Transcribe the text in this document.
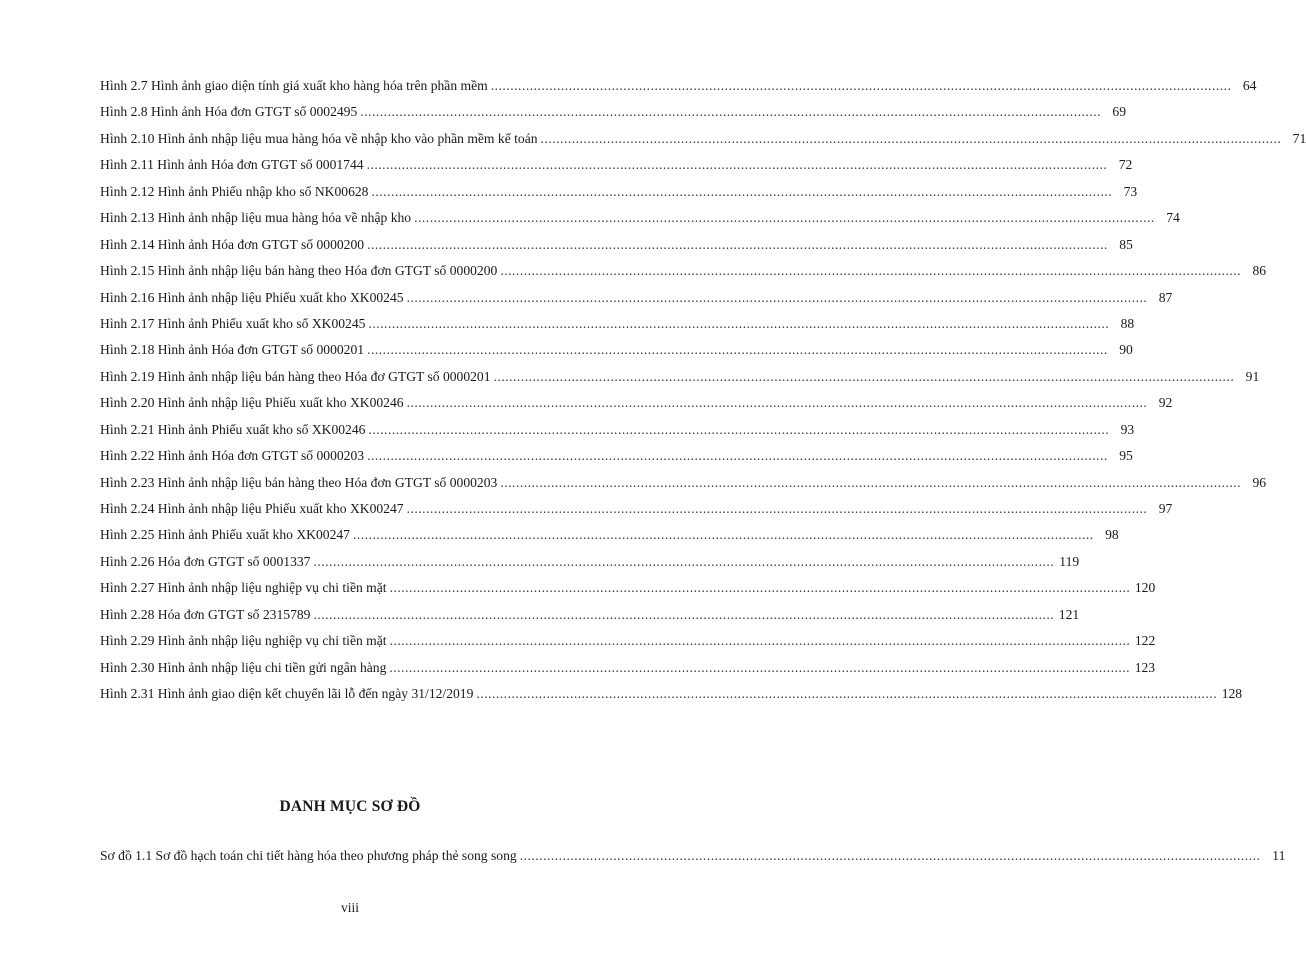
Hình 2.7 Hình ảnh giao diện tính giá xuất kho hàng hóa trên phần mềm .....	64
Hình 2.8 Hình ảnh Hóa đơn GTGT số 0002495 .....	69
Hình 2.10 Hình ảnh nhập liệu mua hàng hóa về nhập kho vào phần mềm kế toán .....	71
Hình 2.11 Hình ảnh Hóa đơn GTGT số 0001744 .....	72
Hình 2.12 Hình ảnh Phiếu nhập kho số NK00628 .....	73
Hình 2.13 Hình ảnh nhập liệu mua hàng hóa về nhập kho .....	74
Hình 2.14 Hình ảnh Hóa đơn GTGT số 0000200 .....	85
Hình 2.15 Hình ảnh nhập liệu bán hàng theo Hóa đơn GTGT số 0000200 .....	86
Hình 2.16 Hình ảnh nhập liệu Phiếu xuất kho XK00245 .....	87
Hình 2.17 Hình ảnh Phiếu xuất kho số XK00245 .....	88
Hình 2.18 Hình ảnh Hóa đơn GTGT số 0000201 .....	90
Hình 2.19 Hình ảnh nhập liệu bán hàng theo Hóa đơ GTGT số 0000201 .....	91
Hình 2.20 Hình ảnh nhập liệu Phiếu xuất kho XK00246 .....	92
Hình 2.21 Hình ảnh Phiếu xuất kho số XK00246 .....	93
Hình 2.22 Hình ảnh Hóa đơn GTGT số 0000203 .....	95
Hình 2.23 Hình ảnh nhập liệu bán hàng theo Hóa đơn GTGT số 0000203 .....	96
Hình 2.24 Hình ảnh nhập liệu Phiếu xuất kho XK00247 .....	97
Hình 2.25 Hình ảnh Phiếu xuất kho XK00247 .....	98
Hình 2.26 Hóa đơn GTGT số 0001337 .....	119
Hình 2.27 Hình ảnh nhập liệu nghiệp vụ chi tiền mặt .....	120
Hình 2.28 Hóa đơn GTGT số 2315789 .....	121
Hình 2.29 Hình ảnh nhập liệu nghiệp vụ chi tiền mặt .....	122
Hình 2.30 Hình ảnh nhập liệu chi tiền gửi ngân hàng .....	123
Hình 2.31 Hình ảnh giao diện kết chuyển lãi lỗ đến ngày 31/12/2019 .....	128
DANH MỤC SƠ ĐỒ
Sơ đồ 1.1 Sơ đồ hạch toán chi tiết hàng hóa theo phương pháp thẻ song song .....	11
viii
